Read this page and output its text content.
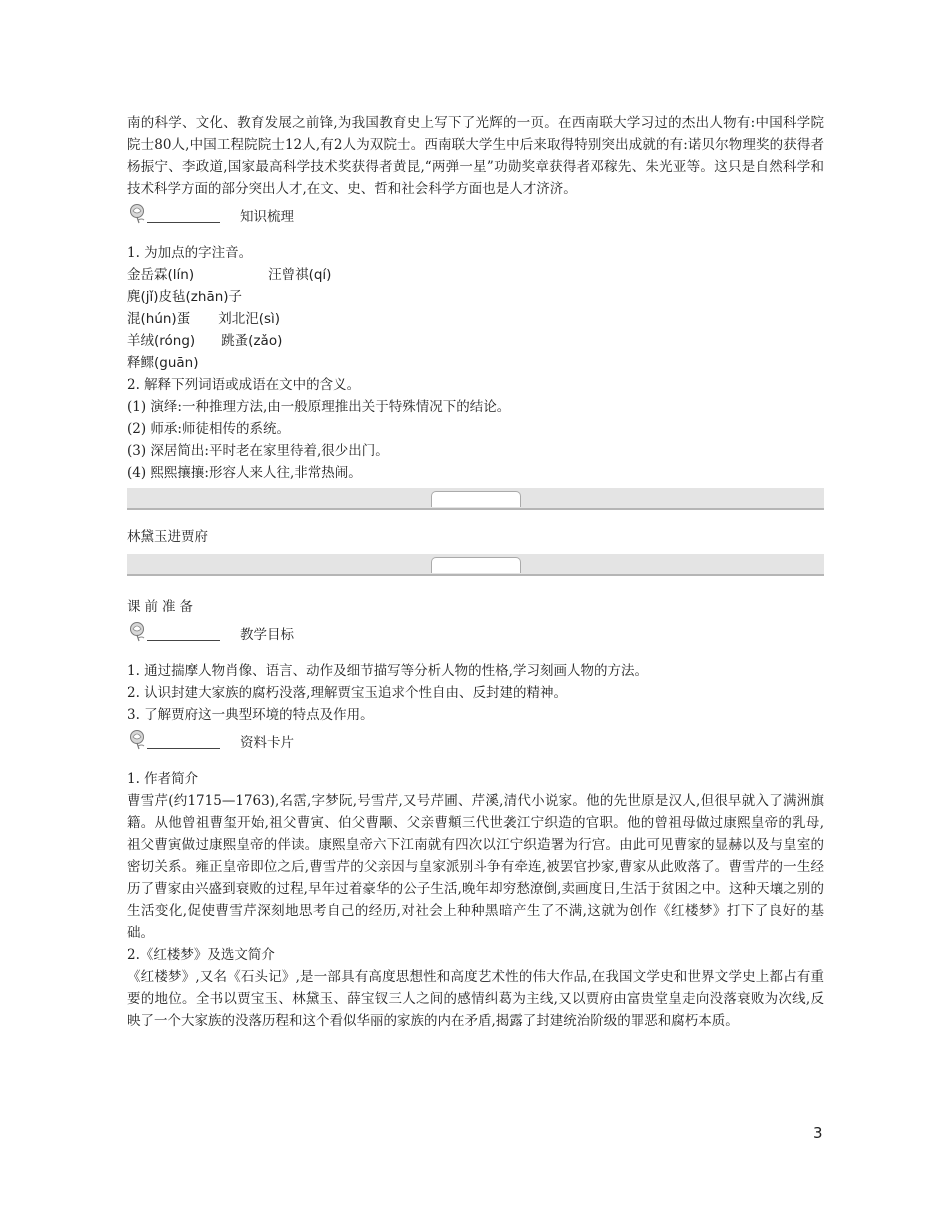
南的科学、文化、教育发展之前锋,为我国教育史上写下了光辉的一页。在西南联大学习过的杰出人物有:中国科学院院士80人,中国工程院院士12人,有2人为双院士。西南联大学生中后来取得特别突出成就的有:诺贝尔物理奖的获得者杨振宁、李政道,国家最高科学技术奖获得者黄昆,“两弹一星”功勋奖章获得者邓稼先、朱光亚等。这只是自然科学和技术科学方面的部分突出人才,在文、史、哲和社会科学方面也是人才济济。

知识梳理
1. 为加点的字注音。
金岳霖(lín)	汪曾祺(qí)
麂(jǐ)皮毡(zhān)子
混(hún)蛋 刘北汜(sì)
羊绒(róng) 跳蚤(zǎo)
释鳏(guān)
2. 解释下列词语或成语在文中的含义。
(1) 演绎:一种推理方法,由一般原理推出关于特殊情况下的结论。
(2) 师承:师徒相传的系统。
(3) 深居简出:平时老在家里待着,很少出门。
(4) 熙熙攘攘:形容人来人往,非常热闹。
林黛玉进贾府
课前准备
教学目标
1. 通过揣摩人物肖像、语言、动作及细节描写等分析人物的性格,学习刻画人物的方法。
2. 认识封建大家族的腐朽没落,理解贾宝玉追求个性自由、反封建的精神。
3. 了解贾府这一典型环境的特点及作用。
资料卡片
1. 作者简介

曹雪芹(约1715—1763),名霑,字梦阮,号雪芹,又号芹圃、芹溪,清代小说家。他的先世原是汉人,但很早就入了满洲旗籍。从他曾祖曹玺开始,祖父曹寅、伯父曹颙、父亲曹頫三代世袭江宁织造的官职。他的曾祖母做过康熙皇帝的乳母,祖父曹寅做过康熙皇帝的伴读。康熙皇帝六下江南就有四次以江宁织造署为行宫。由此可见曹家的显赫以及与皇室的密切关系。雍正皇帝即位之后,曹雪芹的父亲因与皇家派别斗争有牵连,被罢官抄家,曹家从此败落了。曹雪芹的一生经历了曹家由兴盛到衰败的过程,早年过着豪华的公子生活,晚年却穷愁潦倒,卖画度日,生活于贫困之中。这种天壤之别的生活变化,促使曹雪芹深刻地思考自己的经历,对社会上种种黑暗产生了不满,这就为创作《红楼梦》打下了良好的基础。

2.《红楼梦》及选文简介

《红楼梦》,又名《石头记》,是一部具有高度思想性和高度艺术性的伟大作品,在我国文学史和世界文学史上都占有重要的地位。全书以贾宝玉、林黛玉、薛宝钗三人之间的感情纠葛为主线,又以贾府由富贵堂皇走向没落衰败为次线,反映了一个大家族的没落历程和这个看似华丽的家族的内在矛盾,揭露了封建统治阶级的罪恶和腐朽本质。

3
